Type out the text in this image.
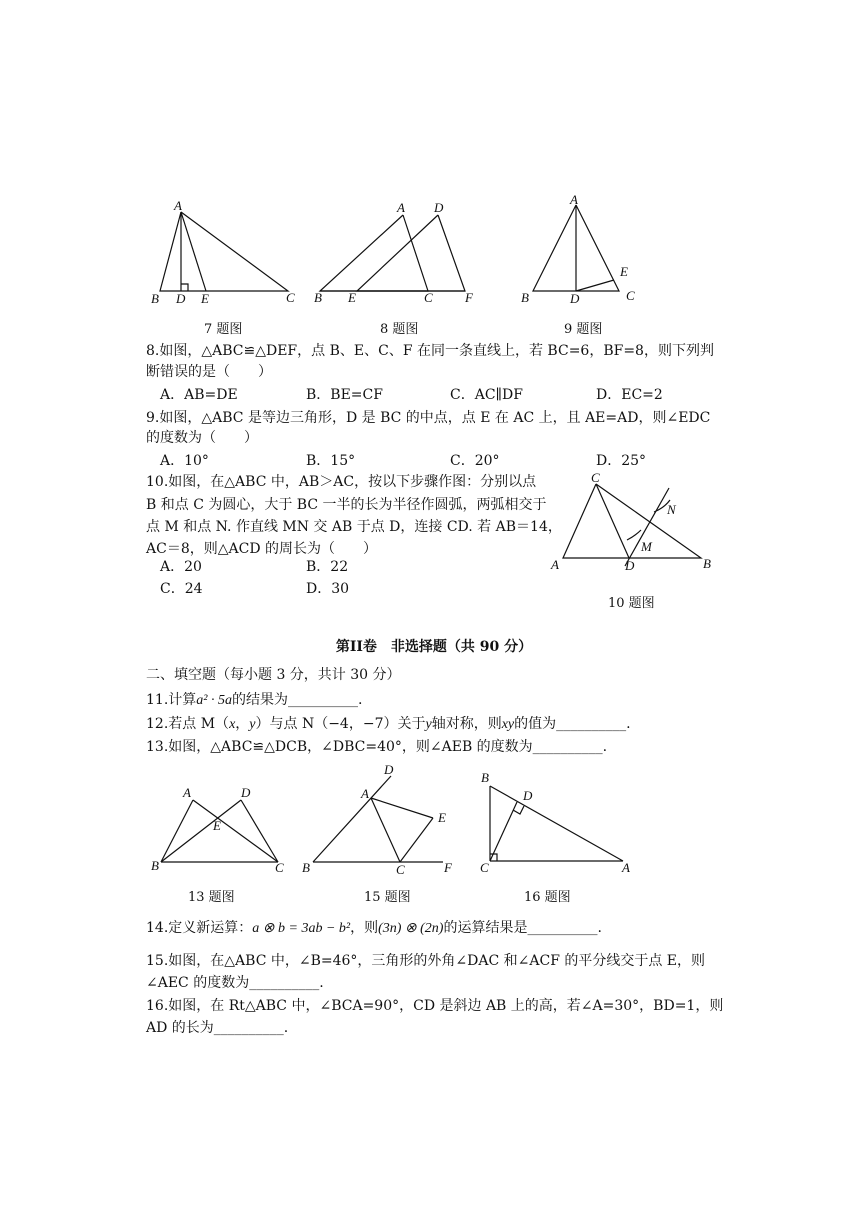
A
B D E	C
7 题图
A D
B E	C F
8 题图
A
E
B	D	C
9 题图
8.如图，△ABC≌△DEF，点 B、E、C、F 在同一条直线上，若 BC=6，BF=8，则下列判
断错误的是（　　）
A．AB=DE	B．BE=CF	C．AC∥DF	D．EC=2
9.如图，△ABC 是等边三角形，D 是 BC 的中点，点 E 在 AC 上，且 AE=AD，则∠EDC
的度数为（　　）
A．10°	B．15°	C．20°	D．25°
10.如图，在△ABC 中，AB＞AC，按以下步骤作图：分别以点
B 和点 C 为圆心，大于 BC 一半的长为半径作圆弧，两弧相交于
点 M 和点 N. 作直线 MN 交 AB 于点 D，连接 CD. 若 AB＝14，
AC＝8，则△ACD 的周长为（　　）
A．20	B．22
C．24	D．30
C
N
M
A	D	B
10 题图
第II卷　非选择题（共 90 分）
二、填空题（每小题 3 分，共计 30 分）
11.计算a² · 5a的结果为__________.
12.若点 M（x，y）与点 N（−4，−7）关于y轴对称，则xy的值为__________.
13.如图，△ABC≌△DCB，∠DBC=40°，则∠AEB 的度数为__________.
A	D
E
B	C
13 题图
D
A
E
B	C	F
15 题图
B
D
C	A
16 题图
14.定义新运算：a ⊗ b = 3ab − b²，则(3n) ⊗ (2n)的运算结果是__________.
15.如图，在△ABC 中，∠B=46°，三角形的外角∠DAC 和∠ACF 的平分线交于点 E，则
∠AEC 的度数为__________.
16.如图，在 Rt△ABC 中，∠BCA=90°，CD 是斜边 AB 上的高，若∠A=30°，BD=1，则
AD 的长为__________.
